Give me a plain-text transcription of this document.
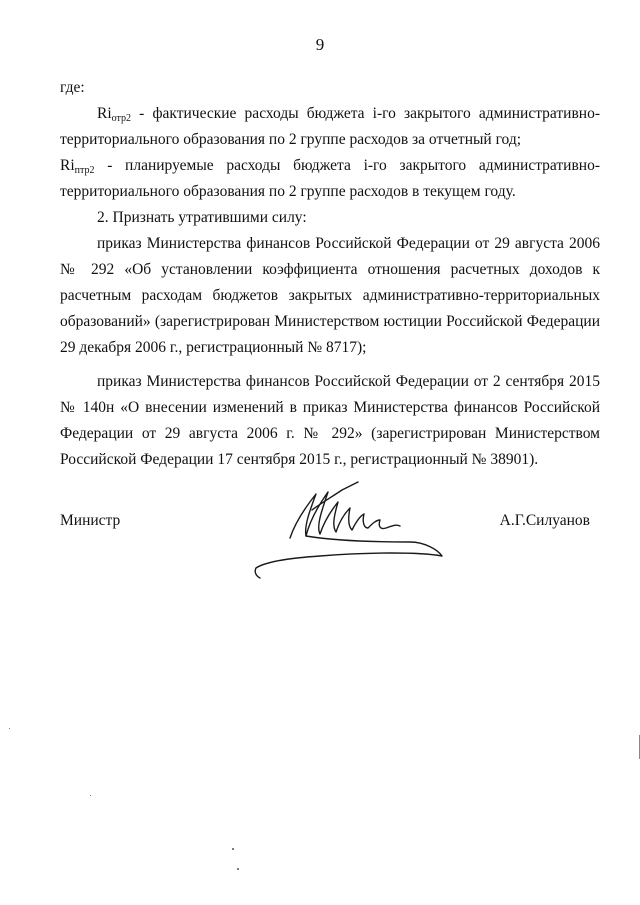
9
где:
$Ri_{отр2}$ - фактические расходы бюджета i-го закрытого административно-
территориального образования по 2 группе расходов за отчетный год;
$Ri_{птр2}$ - планируемые расходы бюджета i-го закрытого административно-
территориального образования по 2 группе расходов в текущем году.
2. Признать утратившими силу:
приказ Министерства финансов Российской Федерации от 29 августа 2006
№ 292 «Об установлении коэффициента отношения расчетных доходов к
расчетным расходам бюджетов закрытых административно-территориальных
образований» (зарегистрирован Министерством юстиции Российской Федерации
29 декабря 2006 г., регистрационный № 8717);
приказ Министерства финансов Российской Федерации от 2 сентября 2015
№ 140н «О внесении изменений в приказ Министерства финансов Российской
Федерации от 29 августа 2006 г. № 292» (зарегистрирован Министерством
Российской Федерации 17 сентября 2015 г., регистрационный № 38901).
Министр	А.Г.Силуанов
